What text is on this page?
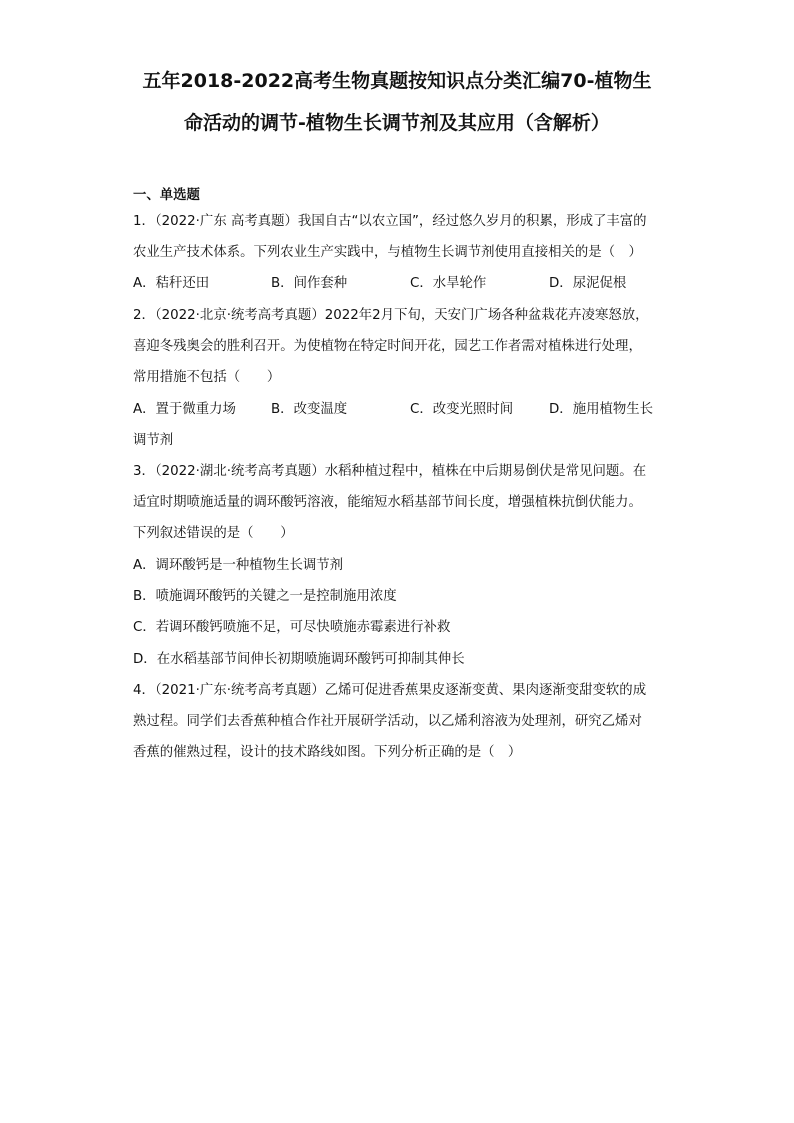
五年2018-2022高考生物真题按知识点分类汇编70-植物生
命活动的调节-植物生长调节剂及其应用（含解析）
一、单选题
1．（2022·广东 高考真题）我国自古“以农立国”，经过悠久岁月的积累，形成了丰富的
农业生产技术体系。下列农业生产实践中，与植物生长调节剂使用直接相关的是（　）
A．秸秆还田	B．间作套种	C．水旱轮作	D．尿泥促根
2．（2022·北京·统考高考真题）2022年2月下旬，天安门广场各种盆栽花卉凌寒怒放，
喜迎冬残奥会的胜利召开。为使植物在特定时间开花，园艺工作者需对植株进行处理，
常用措施不包括（　　）
A．置于微重力场	B．改变温度	C．改变光照时间	D．施用植物生长
调节剂
3．（2022·湖北·统考高考真题）水稻种植过程中，植株在中后期易倒伏是常见问题。在
适宜时期喷施适量的调环酸钙溶液，能缩短水稻基部节间长度，增强植株抗倒伏能力。
下列叙述错误的是（　　）
A．调环酸钙是一种植物生长调节剂
B．喷施调环酸钙的关键之一是控制施用浓度
C．若调环酸钙喷施不足，可尽快喷施赤霉素进行补救
D．在水稻基部节间伸长初期喷施调环酸钙可抑制其伸长
4．（2021·广东·统考高考真题）乙烯可促进香蕉果皮逐渐变黄、果肉逐渐变甜变软的成
熟过程。同学们去香蕉种植合作社开展研学活动，以乙烯利溶液为处理剂，研究乙烯对
香蕉的催熟过程，设计的技术路线如图。下列分析正确的是（　）
